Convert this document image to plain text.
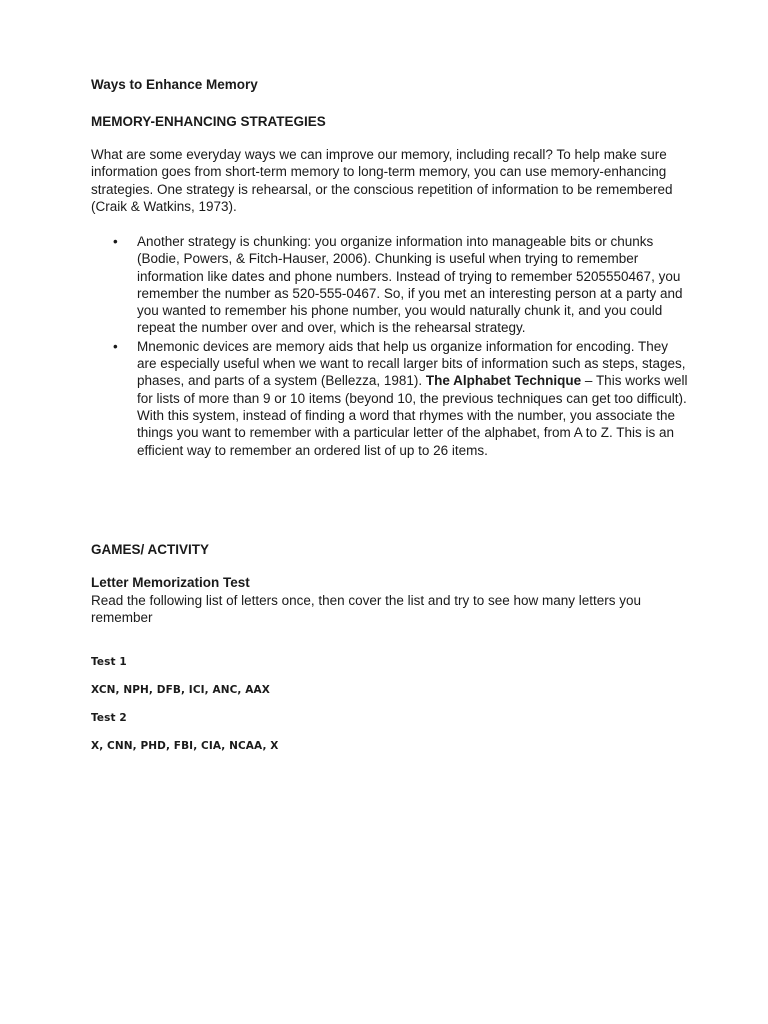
Ways to Enhance Memory
MEMORY-ENHANCING STRATEGIES

What are some everyday ways we can improve our memory, including recall? To help make sure information goes from short-term memory to long-term memory, you can use memory-enhancing strategies. One strategy is rehearsal, or the conscious repetition of information to be remembered (Craik & Watkins, 1973).

• Another strategy is chunking: you organize information into manageable bits or chunks (Bodie, Powers, & Fitch-Hauser, 2006). Chunking is useful when trying to remember information like dates and phone numbers. Instead of trying to remember 5205550467, you remember the number as 520-555-0467. So, if you met an interesting person at a party and you wanted to remember his phone number, you would naturally chunk it, and you could repeat the number over and over, which is the rehearsal strategy.
• Mnemonic devices are memory aids that help us organize information for encoding. They are especially useful when we want to recall larger bits of information such as steps, stages, phases, and parts of a system (Bellezza, 1981). The Alphabet Technique – This works well for lists of more than 9 or 10 items (beyond 10, the previous techniques can get too difficult). With this system, instead of finding a word that rhymes with the number, you associate the things you want to remember with a particular letter of the alphabet, from A to Z. This is an efficient way to remember an ordered list of up to 26 items.
GAMES/ ACTIVITY
Letter Memorization Test

Read the following list of letters once, then cover the list and try to see how many letters you remember

Test 1

XCN, NPH, DFB, ICI, ANC, AAX

Test 2

X, CNN, PHD, FBI, CIA, NCAA, X
